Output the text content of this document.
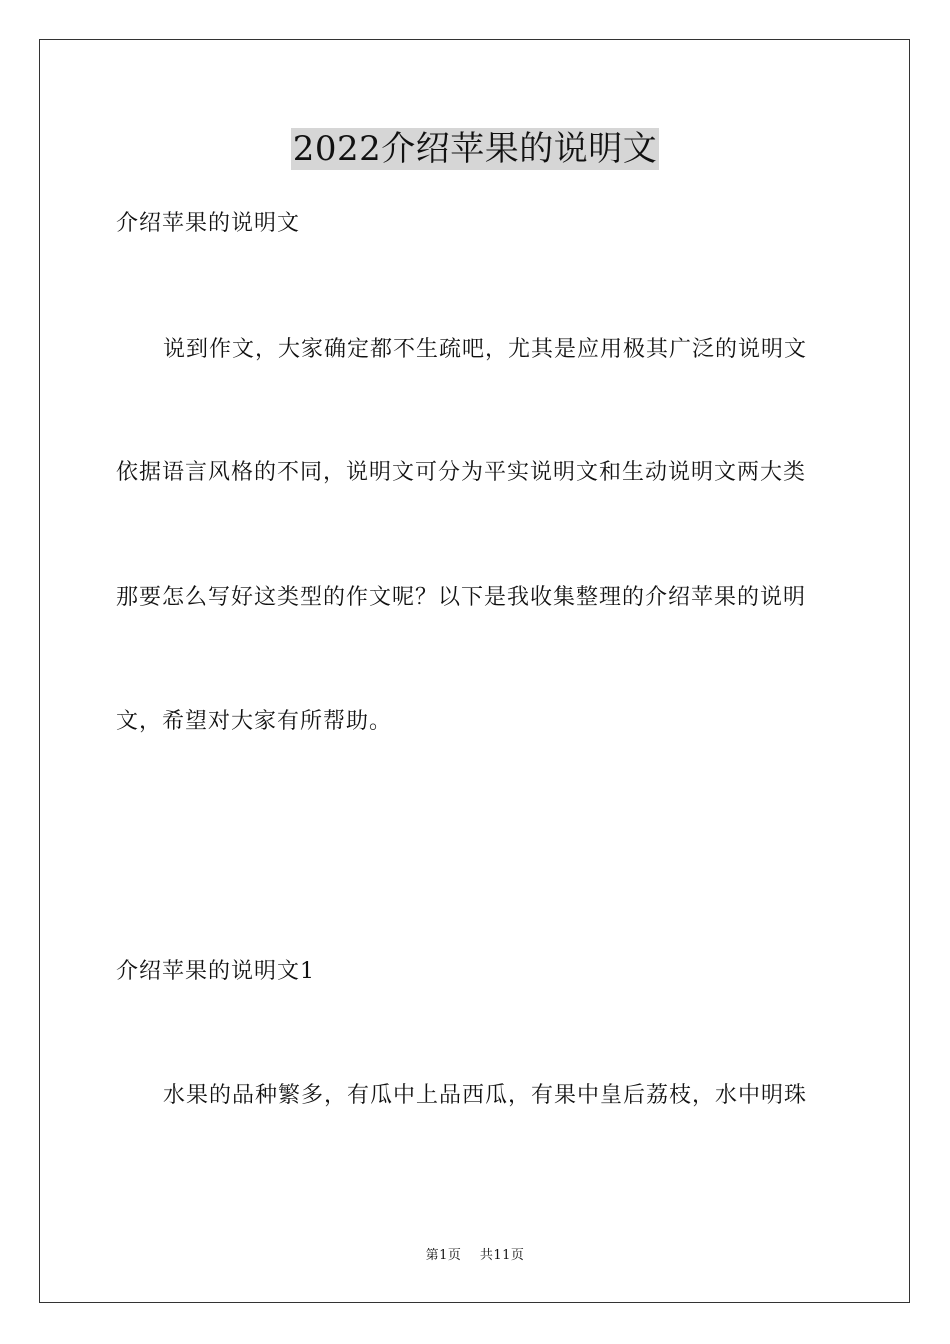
2022介绍苹果的说明文

介绍苹果的说明文

说到作文，大家确定都不生疏吧，尤其是应用极其广泛的说明文

依据语言风格的不同，说明文可分为平实说明文和生动说明文两大类

那要怎么写好这类型的作文呢？以下是我收集整理的介绍苹果的说明

文，希望对大家有所帮助。

介绍苹果的说明文1

水果的品种繁多，有瓜中上品西瓜，有果中皇后荔枝，水中明珠

第1页 共11页
